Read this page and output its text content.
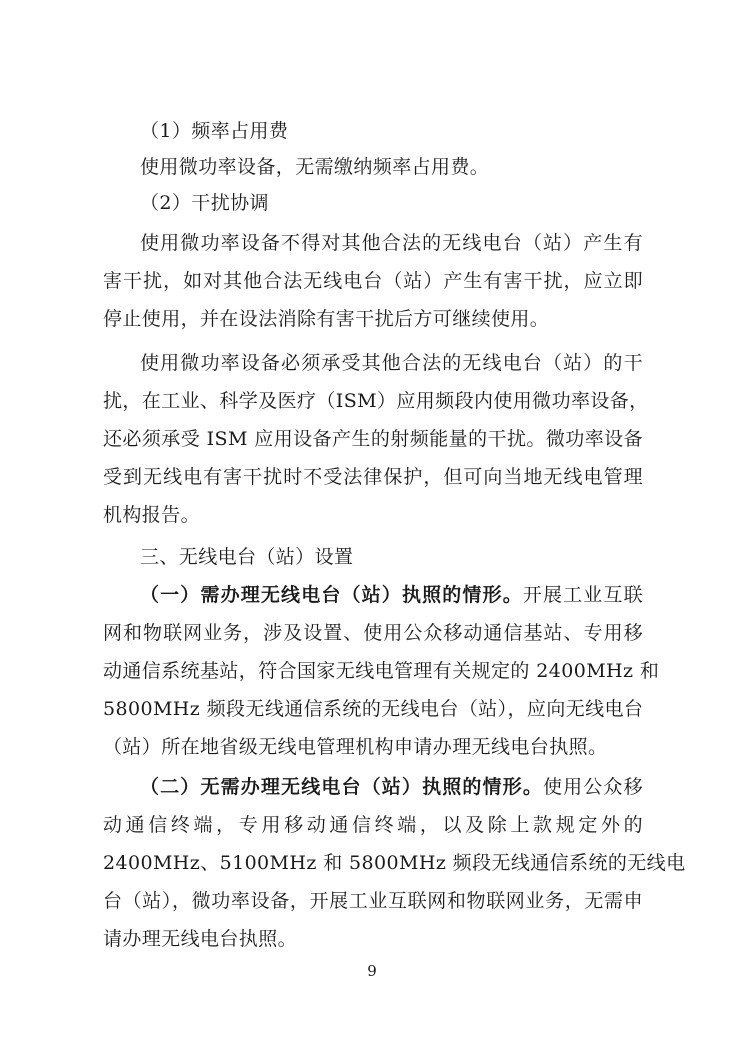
（1）频率占用费
使用微功率设备，无需缴纳频率占用费。
（2）干扰协调
使用微功率设备不得对其他合法的无线电台（站）产生有
害干扰，如对其他合法无线电台（站）产生有害干扰，应立即
停止使用，并在设法消除有害干扰后方可继续使用。
使用微功率设备必须承受其他合法的无线电台（站）的干
扰，在工业、科学及医疗（ISM）应用频段内使用微功率设备，
还必须承受 ISM 应用设备产生的射频能量的干扰。微功率设备
受到无线电有害干扰时不受法律保护，但可向当地无线电管理
机构报告。
三、无线电台（站）设置
（一）需办理无线电台（站）执照的情形。开展工业互联
网和物联网业务，涉及设置、使用公众移动通信基站、专用移
动通信系统基站，符合国家无线电管理有关规定的 2400MHz 和
5800MHz 频段无线通信系统的无线电台（站），应向无线电台
（站）所在地省级无线电管理机构申请办理无线电台执照。
（二）无需办理无线电台（站）执照的情形。使用公众移
动通信终端，专用移动通信终端，以及除上款规定外的
2400MHz、5100MHz 和 5800MHz 频段无线通信系统的无线电
台（站），微功率设备，开展工业互联网和物联网业务，无需申
请办理无线电台执照。
9
